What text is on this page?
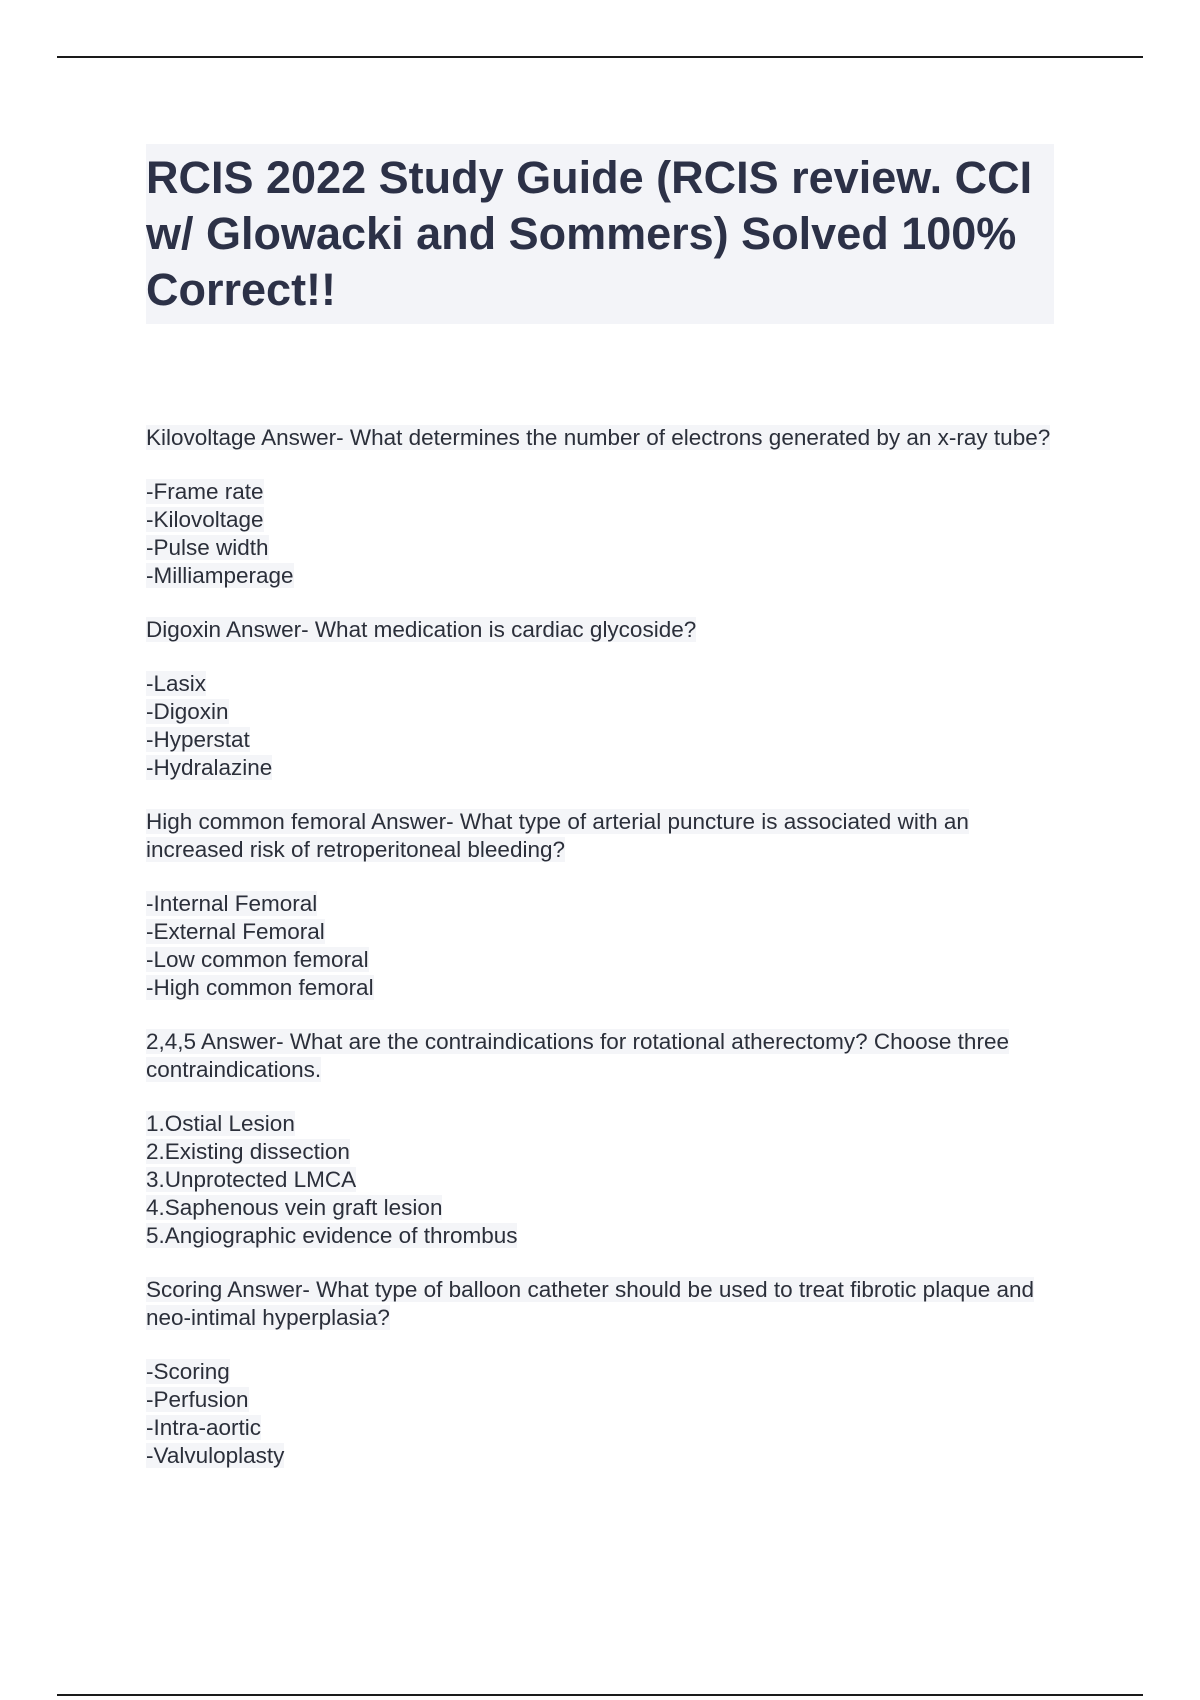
RCIS 2022 Study Guide (RCIS review. CCI w/ Glowacki and Sommers) Solved 100% Correct!!
Kilovoltage Answer- What determines the number of electrons generated by an x-ray tube?
-Frame rate
-Kilovoltage
-Pulse width
-Milliamperage
Digoxin Answer- What medication is cardiac glycoside?
-Lasix
-Digoxin
-Hyperstat
-Hydralazine
High common femoral Answer- What type of arterial puncture is associated with an increased risk of retroperitoneal bleeding?
-Internal Femoral
-External Femoral
-Low common femoral
-High common femoral
2,4,5 Answer- What are the contraindications for rotational atherectomy? Choose three contraindications.
1.Ostial Lesion
2.Existing dissection
3.Unprotected LMCA
4.Saphenous vein graft lesion
5.Angiographic evidence of thrombus
Scoring Answer- What type of balloon catheter should be used to treat fibrotic plaque and neo-intimal hyperplasia?
-Scoring
-Perfusion
-Intra-aortic
-Valvuloplasty
